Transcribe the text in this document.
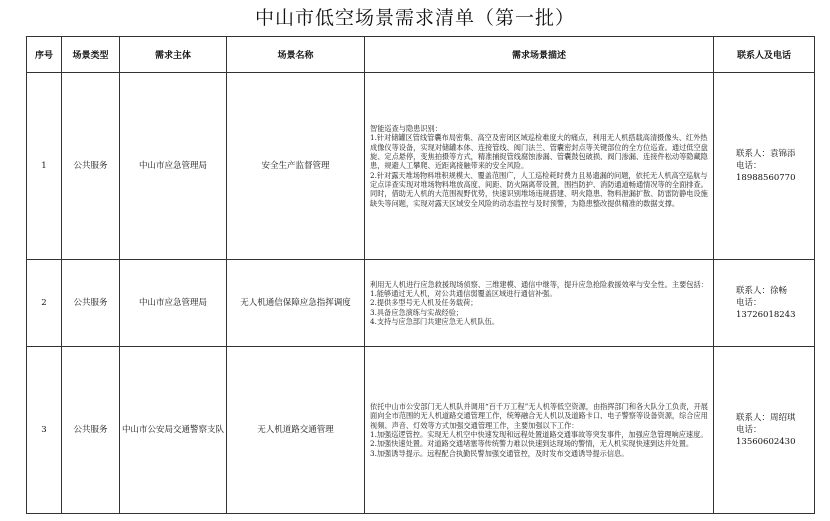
中山市低空场景需求清单（第一批）
序号	场景类型	需求主体	场景名称	需求场景描述	联系人及电话
1	公共服务	中山市应急管理局	安全生产监督管理	智能巡查与隐患识别：
1.针对储罐区管线管囊布局密集、高空及密闭区域巡检难度大的痛点，利用无人机搭载高清摄像头、红外热成像仪等设备，实现对储罐本体、连接管线、阀门法兰、管囊密封点等关键部位的全方位巡查。通过低空盘旋、定点悬停，变焦拍摄等方式，精准捕捉管线腐蚀渗漏、管囊鼓包破损、阀门渗漏、连接件松动等隐藏隐患，规避人工攀爬、近距离接触带来的安全风险。
2.针对露天堆场物料堆积规模大、覆盖范围广，人工巡检耗时费力且易遗漏的问题，依托无人机高空巡航与定点详查实现对堆场物料堆放高度、间距、防火隔离带设置，围挡防护、消防通道畅通情况等的全面排查。同时，借助无人机的大范围视野优势，快速识别堆场违规搭建、明火隐患、物料泄漏扩散、防雷防静电设施缺失等问题，实现对露天区域安全风险的动态监控与及时预警，为隐患整改提供精准的数据支撑。	联系人：袁锦添
电话：18988560770

2	公共服务	中山市应急管理局	无人机通信保障应急指挥调度	利用无人机进行应急救援现场侦察、三维建模、通信中继等，提升应急抢险救援效率与安全性。主要包括：
1.能够通过无人机，对公共通信弱覆盖区域进行通信补强。
2.提供多型号无人机及任务载荷；
3.具备应急演练与实战经验；
4.支持与应急部门共建应急无人机队伍。	联系人：徐畅
电话：13726018243

3	公共服务	中山市公安局交通警察支队	无人机道路交通管理	依托中山市公安部门无人机队并调用“百千万工程”无人机等低空资源，由指挥部门和各大队分工负责，开展面向全市范围的无人机道路交通管理工作，统筹融合无人机以及道路卡口、电子警察等设备资源，综合应用视频、声音、灯效等方式加强交通管理工作，主要加强以下工作：
1.加强巡逻管控。实现无人机空中快速发现和远程处置道路交通事故等突发事件，加强应急管理响应速度。
2.加强快速处置。对道路交通堵塞等传统警力难以快速到达现场的警情，无人机实现快速到达并处置。
3.加强诱导提示。远程配合执勤民警加强交通管控，及时发布交通诱导提示信息。	联系人：周绍琪
电话：13560602430
